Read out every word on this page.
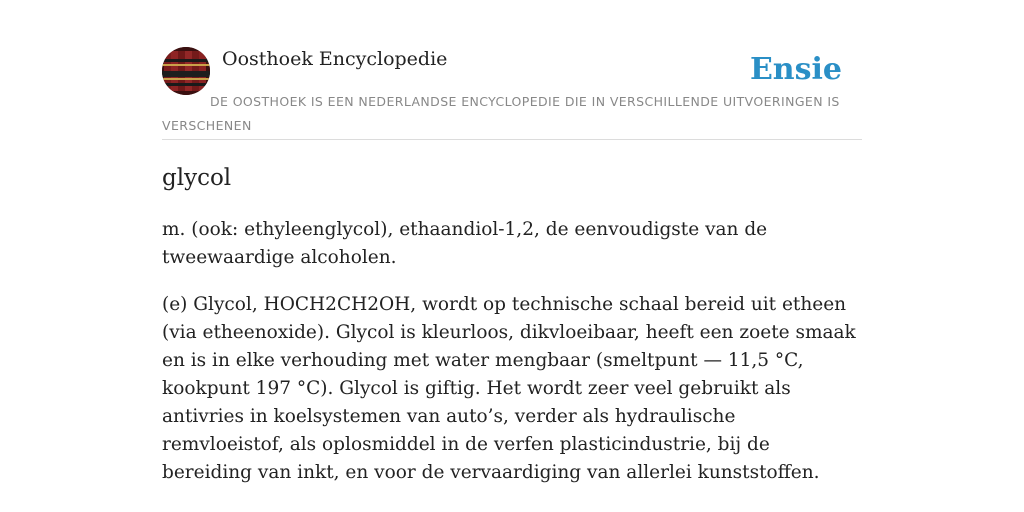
Oosthoek Encyclopedie	Ensie
DE OOSTHOEK IS EEN NEDERLANDSE ENCYCLOPEDIE DIE IN VERSCHILLENDE UITVOERINGEN IS VERSCHENEN
glycol

m. (ook: ethyleenglycol), ethaandiol-1,2, de eenvoudigste van de tweewaardige alcoholen.

(e) Glycol, HOCH2CH2OH, wordt op technische schaal bereid uit etheen (via etheenoxide). Glycol is kleurloos, dikvloeibaar, heeft een zoete smaak en is in elke verhouding met water mengbaar (smeltpunt — 11,5 °C, kookpunt 197 °C). Glycol is giftig. Het wordt zeer veel gebruikt als antivries in koelsystemen van auto’s, verder als hydraulische remvloeistof, als oplosmiddel in de verfen plasticindustrie, bij de bereiding van inkt, en voor de vervaardiging van allerlei kunststoffen.
